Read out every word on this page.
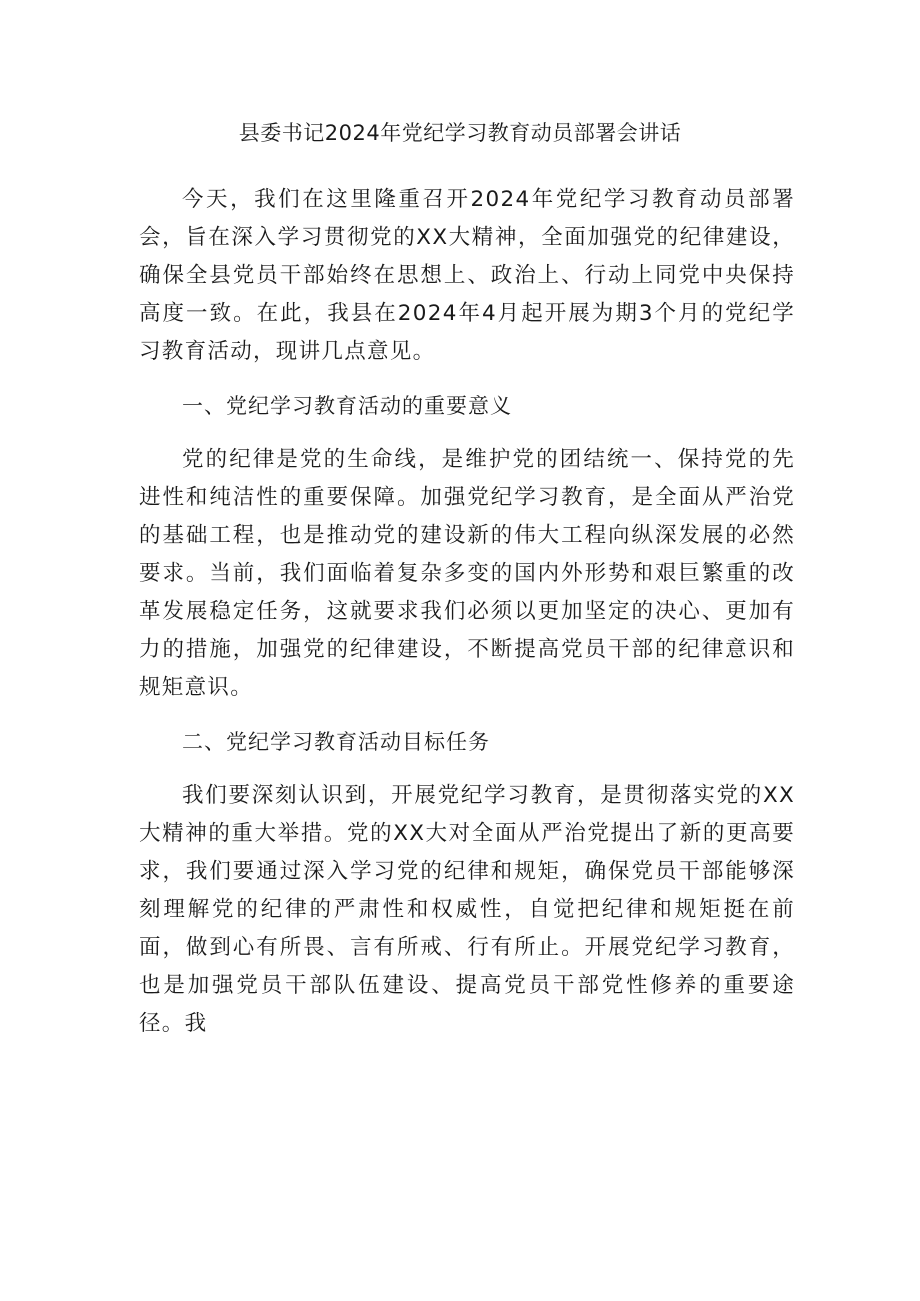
县委书记2024年党纪学习教育动员部署会讲话

今天，我们在这里隆重召开2024年党纪学习教育动员部署会，旨在深入学习贯彻党的XX大精神，全面加强党的纪律建设，确保全县党员干部始终在思想上、政治上、行动上同党中央保持高度一致。在此，我县在2024年4月起开展为期3个月的党纪学习教育活动，现讲几点意见。

一、党纪学习教育活动的重要意义

党的纪律是党的生命线，是维护党的团结统一、保持党的先进性和纯洁性的重要保障。加强党纪学习教育，是全面从严治党的基础工程，也是推动党的建设新的伟大工程向纵深发展的必然要求。当前，我们面临着复杂多变的国内外形势和艰巨繁重的改革发展稳定任务，这就要求我们必须以更加坚定的决心、更加有力的措施，加强党的纪律建设，不断提高党员干部的纪律意识和规矩意识。

二、党纪学习教育活动目标任务

我们要深刻认识到，开展党纪学习教育，是贯彻落实党的XX大精神的重大举措。党的XX大对全面从严治党提出了新的更高要求，我们要通过深入学习党的纪律和规矩，确保党员干部能够深刻理解党的纪律的严肃性和权威性，自觉把纪律和规矩挺在前面，做到心有所畏、言有所戒、行有所止。开展党纪学习教育，也是加强党员干部队伍建设、提高党员干部党性修养的重要途径。我
